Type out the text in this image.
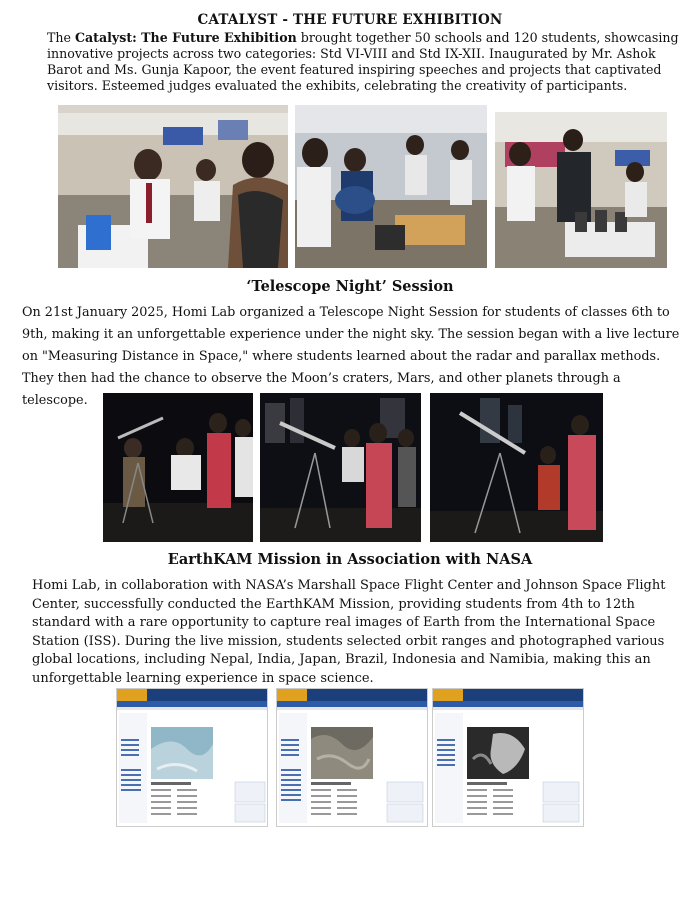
CATALYST - THE FUTURE EXHIBITION

The Catalyst: The Future Exhibition brought together 50 schools and 120 students, showcasing innovative projects across two categories: Std VI-VIII and Std IX-XII. Inaugurated by Mr. Ashok Barot and Ms. Gunja Kapoor, the event featured inspiring speeches and projects that captivated visitors. Esteemed judges evaluated the exhibits, celebrating the creativity of participants.

‘Telescope Night’ Session

On 21st January 2025, Homi Lab organized a Telescope Night Session for students of classes 6th to 9th, making it an unforgettable experience under the night sky. The session began with a live lecture on "Measuring Distance in Space," where students learned about the radar and parallax methods. They then had the chance to observe the Moon’s craters, Mars, and other planets through a telescope.

EarthKAM Mission in Association with NASA

Homi Lab, in collaboration with NASA’s Marshall Space Flight Center and Johnson Space Flight Center, successfully conducted the EarthKAM Mission, providing students from 4th to 12th standard with a rare opportunity to capture real images of Earth from the International Space Station (ISS). During the live mission, students selected orbit ranges and photographed various global locations, including Nepal, India, Japan, Brazil, Indonesia and Namibia, making this an unforgettable learning experience in space science.
